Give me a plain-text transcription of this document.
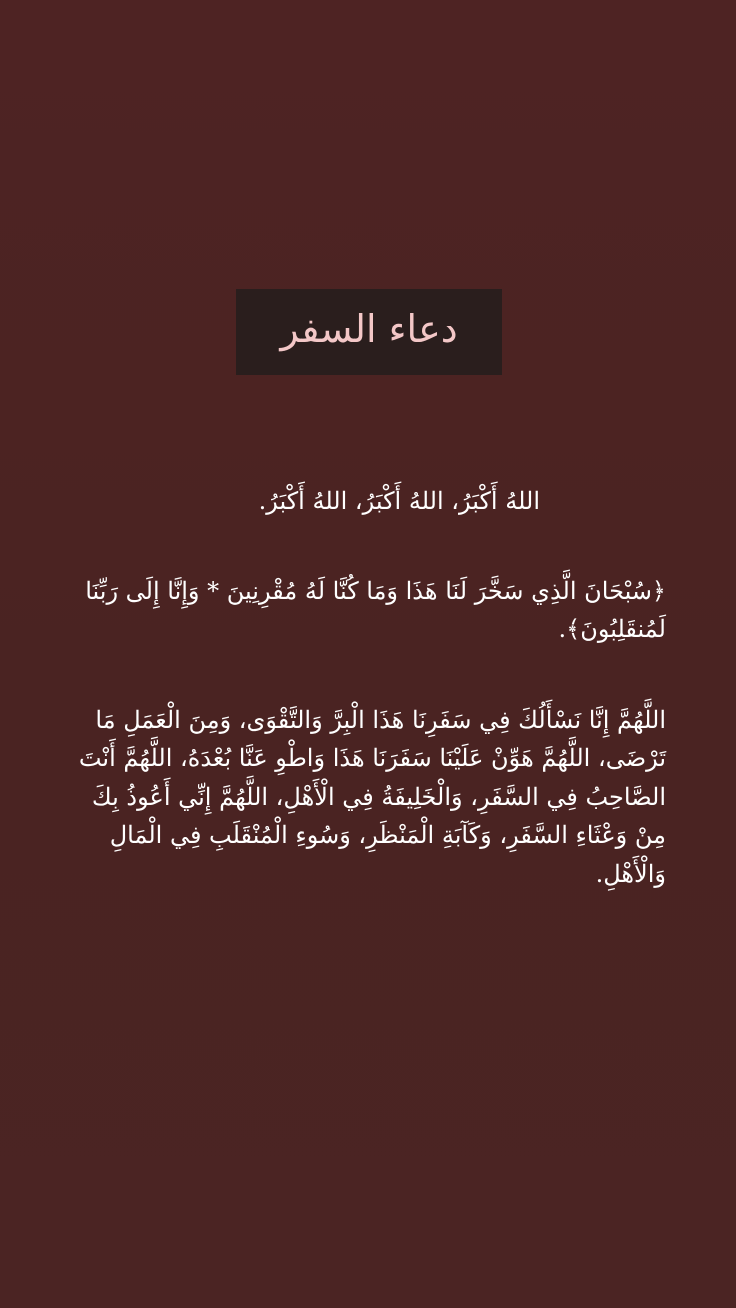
دعاء السفر
اللهُ أَكْبَرُ، اللهُ أَكْبَرُ، اللهُ أَكْبَرُ.
﴿سُبْحَانَ الَّذِي سَخَّرَ لَنَا هَذَا وَمَا كُنَّا لَهُ مُقْرِنِينَ * وَإِنَّا إِلَى رَبِّنَا لَمُنقَلِبُونَ﴾.
اللَّهُمَّ إِنَّا نَسْأَلُكَ فِي سَفَرِنَا هَذَا الْبِرَّ وَالتَّقْوَى، وَمِنَ الْعَمَلِ مَا تَرْضَى، اللَّهُمَّ هَوِّنْ عَلَيْنَا سَفَرَنَا هَذَا وَاطْوِ عَنَّا بُعْدَهُ، اللَّهُمَّ أَنْتَ الصَّاحِبُ فِي السَّفَرِ، وَالْخَلِيفَةُ فِي الْأَهْلِ، اللَّهُمَّ إِنِّي أَعُوذُ بِكَ مِنْ وَعْثَاءِ السَّفَرِ، وَكَآبَةِ الْمَنْظَرِ، وَسُوءِ الْمُنْقَلَبِ فِي الْمَالِ وَالْأَهْلِ.
